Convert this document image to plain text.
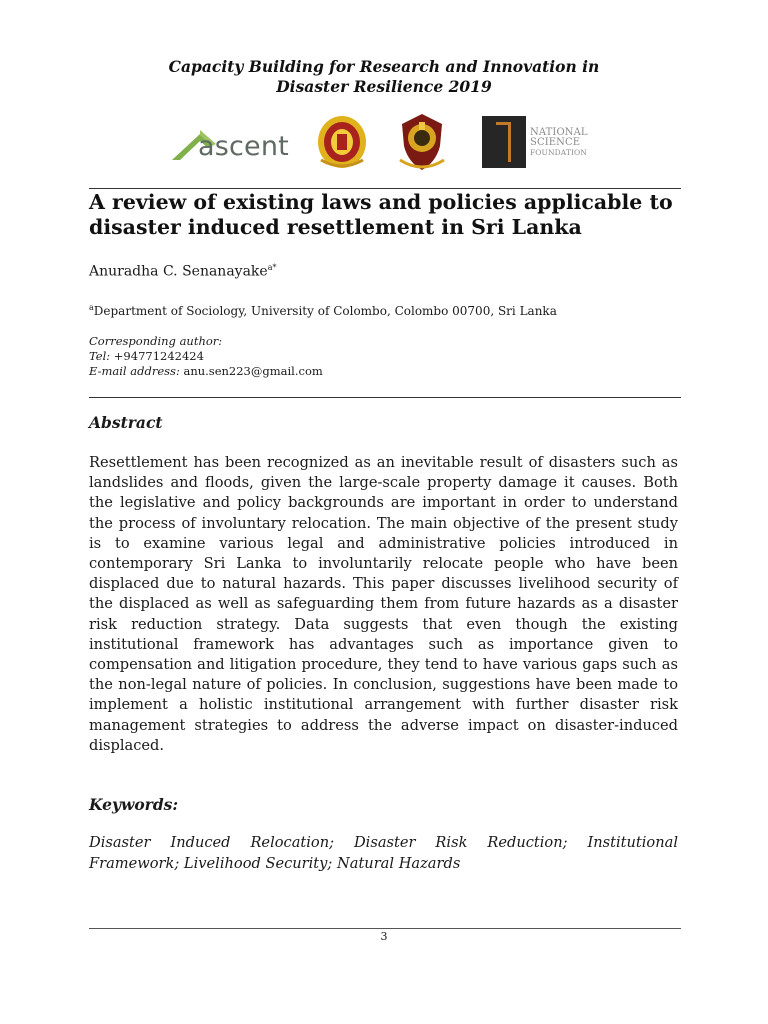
Capacity Building for Research and Innovation in
Disaster Resilience 2019
ascent	NATIONAL
SCIENCE
FOUNDATION
A review of existing laws and policies applicable to
disaster induced resettlement in Sri Lanka
Anuradha C. Senanayake$^{a*}$
$^a$Department of Sociology, University of Colombo, Colombo 00700, Sri Lanka
Corresponding author:
Tel: +94771242424
E-mail address: anu.sen223@gmail.com
Abstract

Resettlement has been recognized as an inevitable result of disasters such as landslides and floods, given the large-scale property damage it causes. Both the legislative and policy backgrounds are important in order to understand the process of involuntary relocation. The main objective of the present study is to examine various legal and administrative policies introduced in contemporary Sri Lanka to involuntarily relocate people who have been displaced due to natural hazards. This paper discusses livelihood security of the displaced as well as safeguarding them from future hazards as a disaster risk reduction strategy. Data suggests that even though the existing institutional framework has advantages such as importance given to compensation and litigation procedure, they tend to have various gaps such as the non-legal nature of policies. In conclusion, suggestions have been made to implement a holistic institutional arrangement with further disaster risk management strategies to address the adverse impact on disaster-induced displaced.

Keywords:

Disaster Induced Relocation; Disaster Risk Reduction; Institutional Framework; Livelihood Security; Natural Hazards

3
